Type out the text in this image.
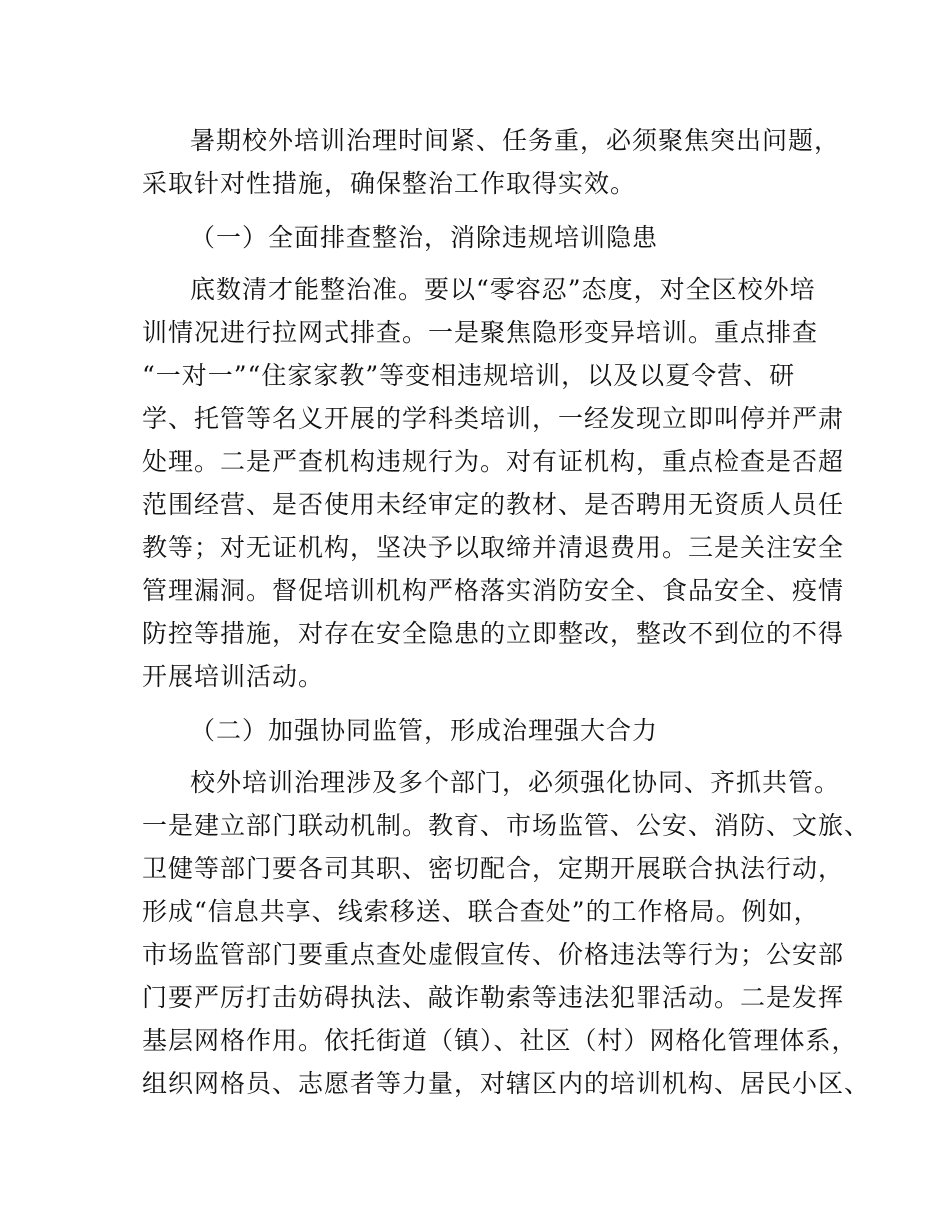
暑期校外培训治理时间紧、任务重，必须聚焦突出问题，
采取针对性措施，确保整治工作取得实效。
（一）全面排查整治，消除违规培训隐患
底数清才能整治准。要以“零容忍”态度，对全区校外培
训情况进行拉网式排查。一是聚焦隐形变异培训。重点排查
“一对一”“住家家教”等变相违规培训，以及以夏令营、研
学、托管等名义开展的学科类培训，一经发现立即叫停并严肃
处理。二是严查机构违规行为。对有证机构，重点检查是否超
范围经营、是否使用未经审定的教材、是否聘用无资质人员任
教等；对无证机构，坚决予以取缔并清退费用。三是关注安全
管理漏洞。督促培训机构严格落实消防安全、食品安全、疫情
防控等措施，对存在安全隐患的立即整改，整改不到位的不得
开展培训活动。
（二）加强协同监管，形成治理强大合力
校外培训治理涉及多个部门，必须强化协同、齐抓共管。
一是建立部门联动机制。教育、市场监管、公安、消防、文旅、
卫健等部门要各司其职、密切配合，定期开展联合执法行动，
形成“信息共享、线索移送、联合查处”的工作格局。例如，
市场监管部门要重点查处虚假宣传、价格违法等行为；公安部
门要严厉打击妨碍执法、敲诈勒索等违法犯罪活动。二是发挥
基层网格作用。依托街道（镇）、社区（村）网格化管理体系，
组织网格员、志愿者等力量，对辖区内的培训机构、居民小区、
